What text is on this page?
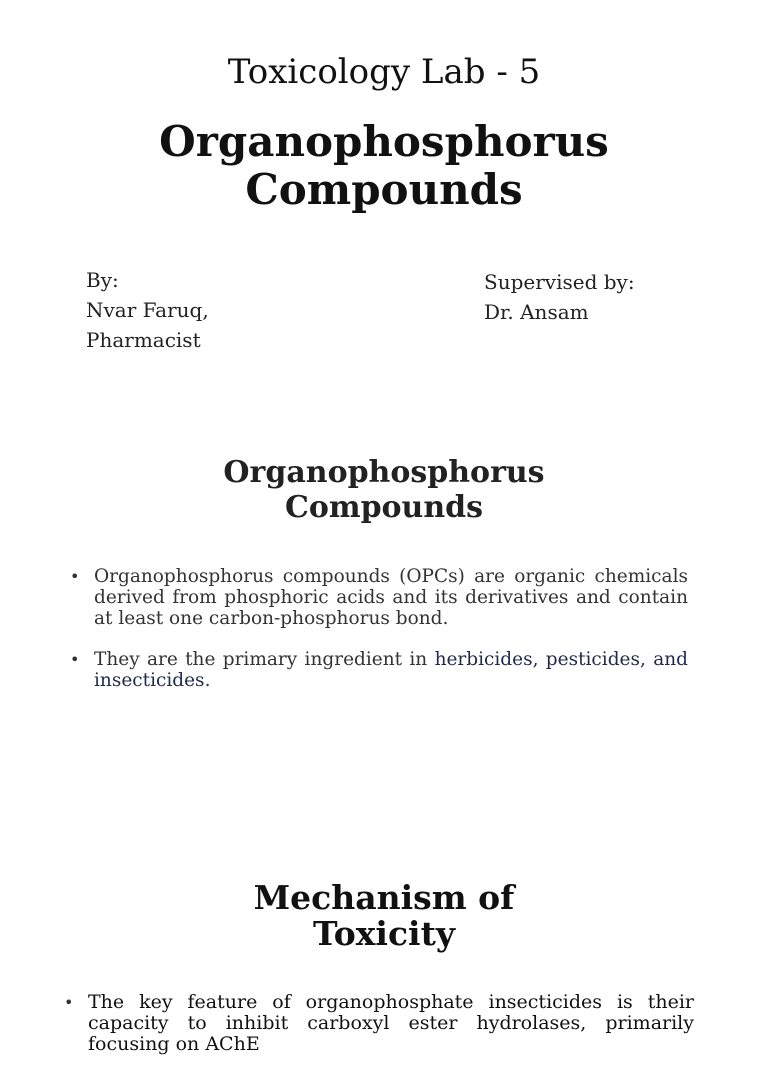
Toxicology Lab - 5
Organophosphorus
Compounds
By:
Nvar Faruq,
Pharmacist
Supervised by:
Dr. Ansam
Organophosphorus
Compounds
• Organophosphorus compounds (OPCs) are organic chemicals derived from phosphoric acids and its derivatives and contain at least one carbon-phosphorus bond.
• They are the primary ingredient in herbicides, pesticides, and insecticides.
Mechanism of
Toxicity
• The key feature of organophosphate insecticides is their capacity to inhibit carboxyl ester hydrolases, primarily focusing on AChE
